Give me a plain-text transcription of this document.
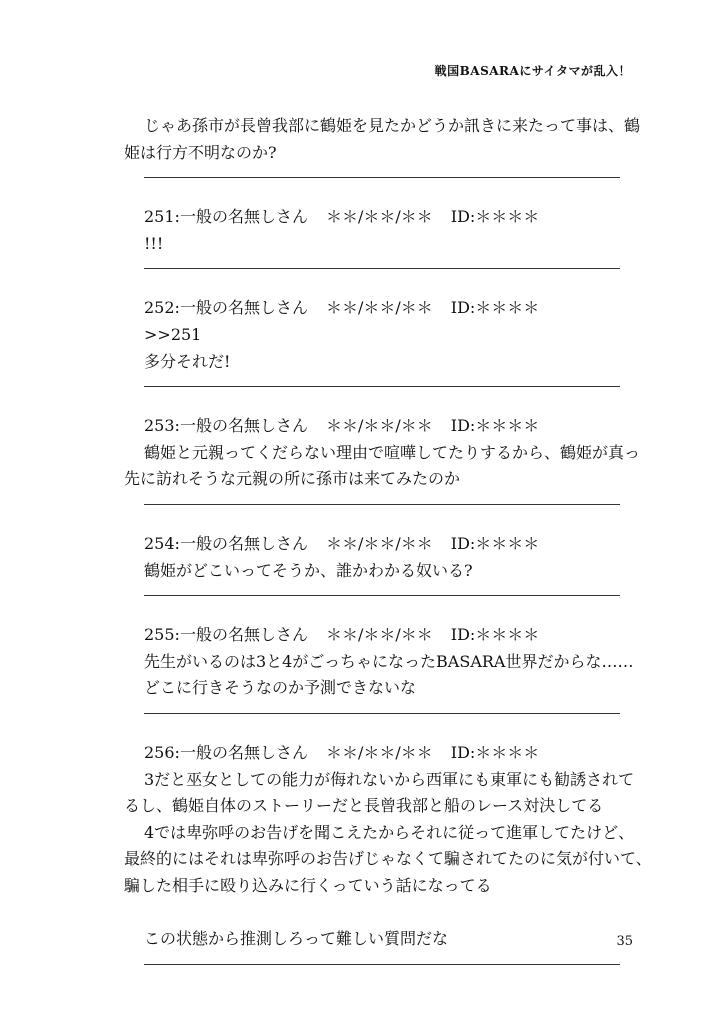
戦国BASARAにサイタマが乱入！
じゃあ孫市が長曾我部に鶴姫を見たかどうか訊きに来たって事は、鶴
姫は行方不明なのか?
251:一般の名無しさん ＊＊/＊＊/＊＊ ID:＊＊＊＊
!!!
252:一般の名無しさん ＊＊/＊＊/＊＊ ID:＊＊＊＊
>>251
多分それだ!
253:一般の名無しさん ＊＊/＊＊/＊＊ ID:＊＊＊＊
鶴姫と元親ってくだらない理由で喧嘩してたりするから、鶴姫が真っ
先に訪れそうな元親の所に孫市は来てみたのか
254:一般の名無しさん ＊＊/＊＊/＊＊ ID:＊＊＊＊
鶴姫がどこいってそうか、誰かわかる奴いる?
255:一般の名無しさん ＊＊/＊＊/＊＊ ID:＊＊＊＊
先生がいるのは3と4がごっちゃになったBASARA世界だからな……
どこに行きそうなのか予測できないな
256:一般の名無しさん ＊＊/＊＊/＊＊ ID:＊＊＊＊
3だと巫女としての能力が侮れないから西軍にも東軍にも勧誘されて
るし、鶴姫自体のストーリーだと長曾我部と船のレース対決してる
4では卑弥呼のお告げを聞こえたからそれに従って進軍してたけど、
最終的にはそれは卑弥呼のお告げじゃなくて騙されてたのに気が付いて、
騙した相手に殴り込みに行くっていう話になってる
この状態から推測しろって難しい質問だな	35
